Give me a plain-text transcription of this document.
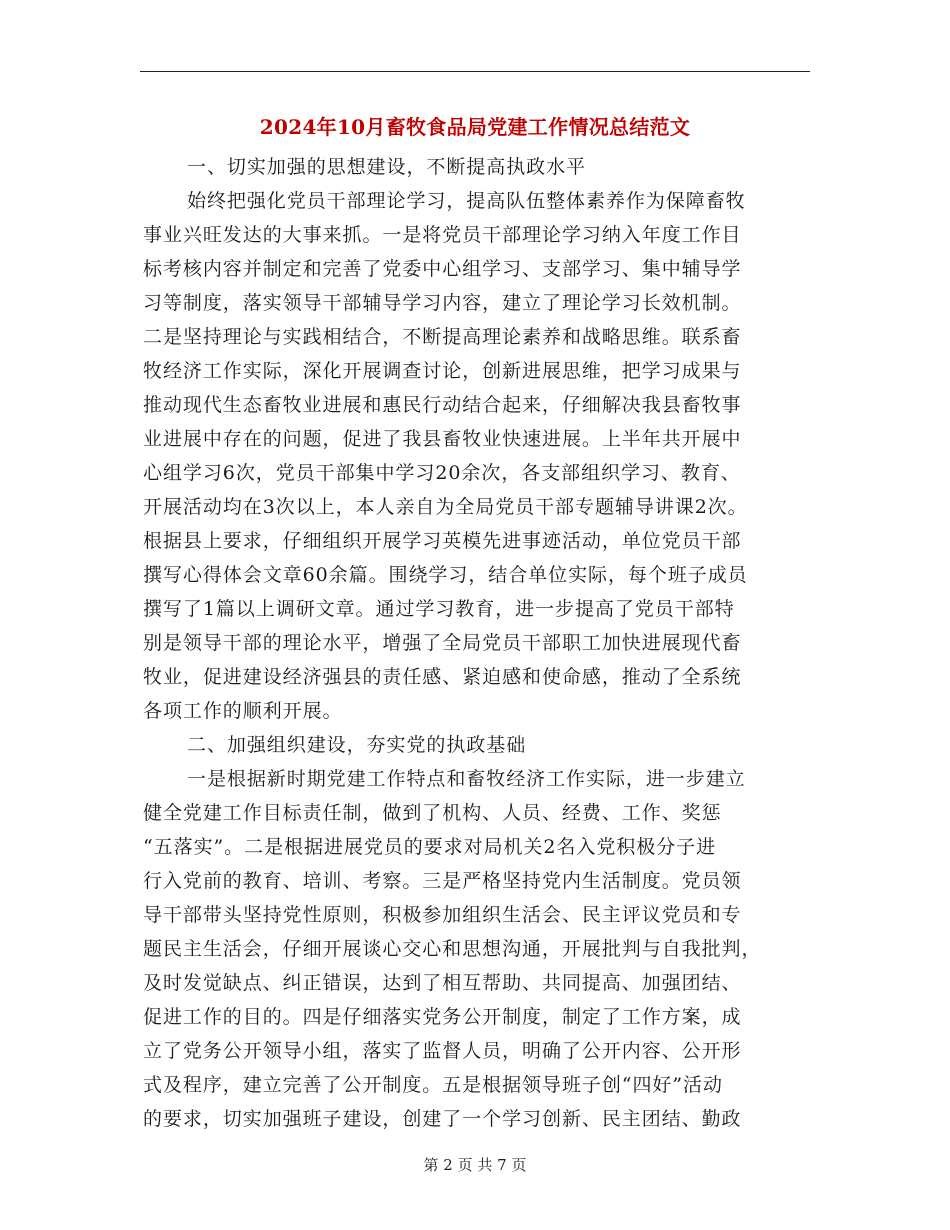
2024年10月畜牧食品局党建工作情况总结范文
一、切实加强的思想建设，不断提高执政水平
始终把强化党员干部理论学习，提高队伍整体素养作为保障畜牧
事业兴旺发达的大事来抓。一是将党员干部理论学习纳入年度工作目
标考核内容并制定和完善了党委中心组学习、支部学习、集中辅导学
习等制度，落实领导干部辅导学习内容，建立了理论学习长效机制。
二是坚持理论与实践相结合，不断提高理论素养和战略思维。联系畜
牧经济工作实际，深化开展调查讨论，创新进展思维，把学习成果与
推动现代生态畜牧业进展和惠民行动结合起来，仔细解决我县畜牧事
业进展中存在的问题，促进了我县畜牧业快速进展。上半年共开展中
心组学习6次，党员干部集中学习20余次，各支部组织学习、教育、
开展活动均在3次以上，本人亲自为全局党员干部专题辅导讲课2次。
根据县上要求，仔细组织开展学习英模先进事迹活动，单位党员干部
撰写心得体会文章60余篇。围绕学习，结合单位实际，每个班子成员
撰写了1篇以上调研文章。通过学习教育，进一步提高了党员干部特
别是领导干部的理论水平，增强了全局党员干部职工加快进展现代畜
牧业，促进建设经济强县的责任感、紧迫感和使命感，推动了全系统
各项工作的顺利开展。
二、加强组织建设，夯实党的执政基础
一是根据新时期党建工作特点和畜牧经济工作实际，进一步建立
健全党建工作目标责任制，做到了机构、人员、经费、工作、奖惩
“五落实”。二是根据进展党员的要求对局机关2名入党积极分子进
行入党前的教育、培训、考察。三是严格坚持党内生活制度。党员领
导干部带头坚持党性原则，积极参加组织生活会、民主评议党员和专
题民主生活会，仔细开展谈心交心和思想沟通，开展批判与自我批判，
及时发觉缺点、纠正错误，达到了相互帮助、共同提高、加强团结、
促进工作的目的。四是仔细落实党务公开制度，制定了工作方案，成
立了党务公开领导小组，落实了监督人员，明确了公开内容、公开形
式及程序，建立完善了公开制度。五是根据领导班子创“四好”活动
的要求，切实加强班子建设，创建了一个学习创新、民主团结、勤政
第 2 页 共 7 页
